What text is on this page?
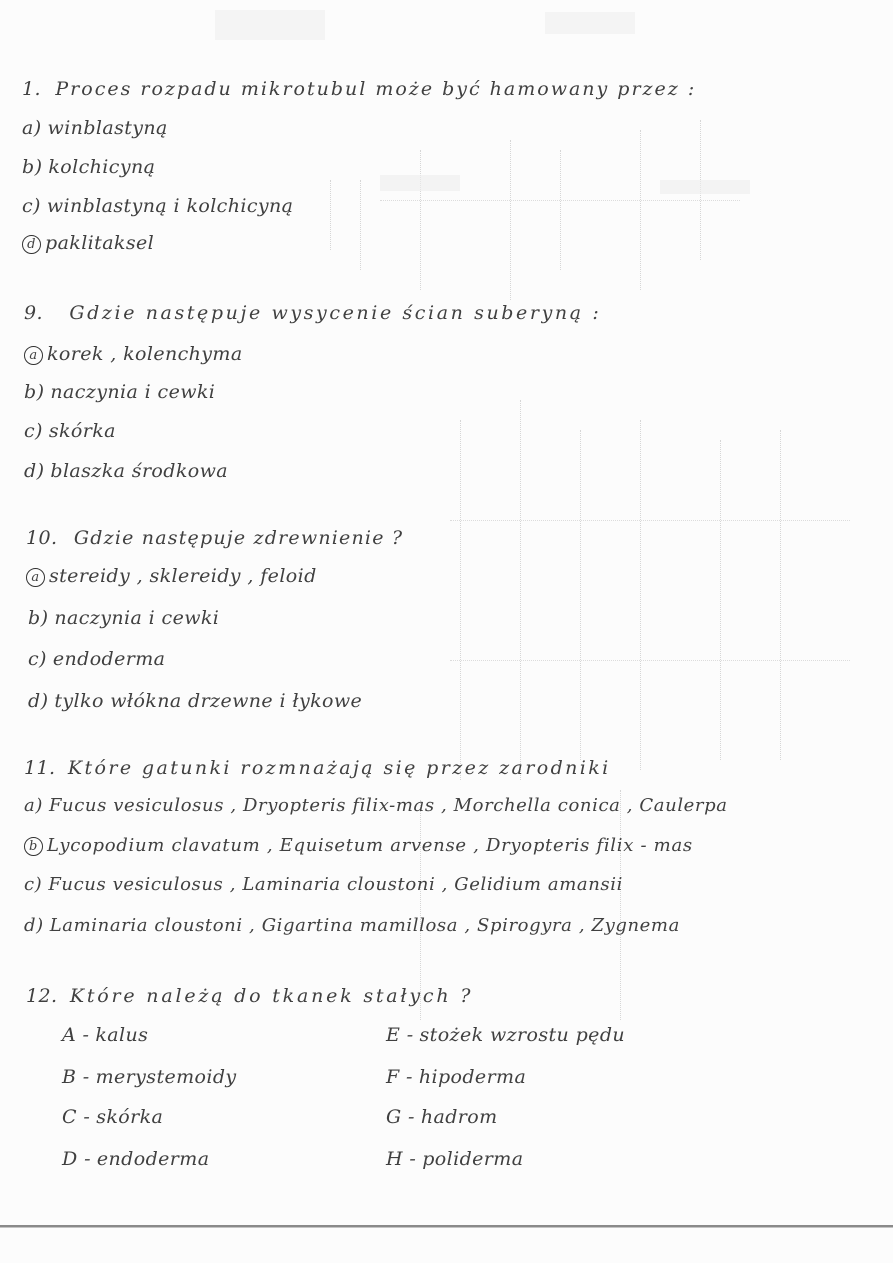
1. Proces rozpadu mikrotubul może być hamowany przez :
a) winblastyną
b) kolchicyną
c) winblastyną i kolchicyną
d paklitaksel
9. Gdzie następuje wysycenie ścian suberyną :
a korek , kolenchyma
b) naczynia i cewki
c) skórka
d) blaszka środkowa
10. Gdzie następuje zdrewnienie ?
a stereidy , sklereidy , feloid
b) naczynia i cewki
c) endoderma
d) tylko włókna drzewne i łykowe
11. Które gatunki rozmnażają się przez zarodniki
a) Fucus vesiculosus , Dryopteris filix-mas , Morchella conica , Caulerpa
b Lycopodium clavatum , Equisetum arvense , Dryopteris filix - mas
c) Fucus vesiculosus , Laminaria cloustoni , Gelidium amansii
d) Laminaria cloustoni , Gigartina mamillosa , Spirogyra , Zygnema
12. Które należą do tkanek stałych ?
A - kalus
B - merystemoidy
C - skórka
D - endoderma
E - stożek wzrostu pędu
F - hipoderma
G - hadrom
H - poliderma
